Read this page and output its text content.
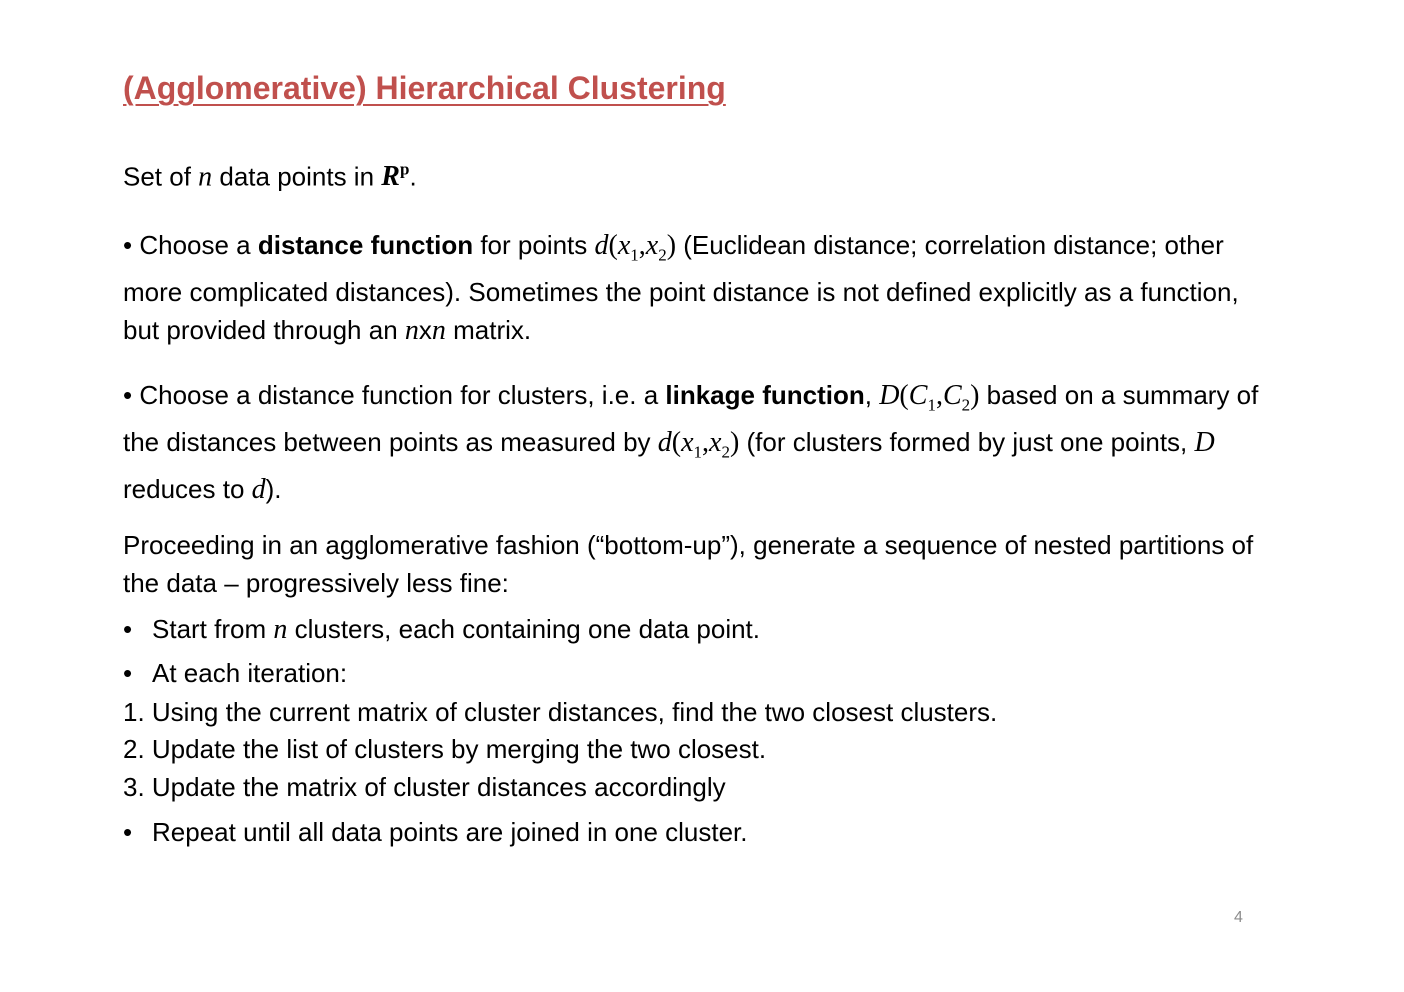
(Agglomerative) Hierarchical Clustering
Set of n data points in $R^p$.
• Choose a distance function for points $d(x_1,x_2)$ (Euclidean distance; correlation distance; other more complicated distances). Sometimes the point distance is not defined explicitly as a function, but provided through an nxn matrix.
• Choose a distance function for clusters, i.e. a linkage function, $D(C_1,C_2)$ based on a summary of the distances between points as measured by $d(x_1,x_2)$ (for clusters formed by just one points, D reduces to d).
Proceeding in an agglomerative fashion (“bottom-up”), generate a sequence of nested partitions of the data – progressively less fine:
• Start from n clusters, each containing one data point.
• At each iteration:
1. Using the current matrix of cluster distances, find the two closest clusters.
2. Update the list of clusters by merging the two closest.
3. Update the matrix of cluster distances accordingly
• Repeat until all data points are joined in one cluster.
4
